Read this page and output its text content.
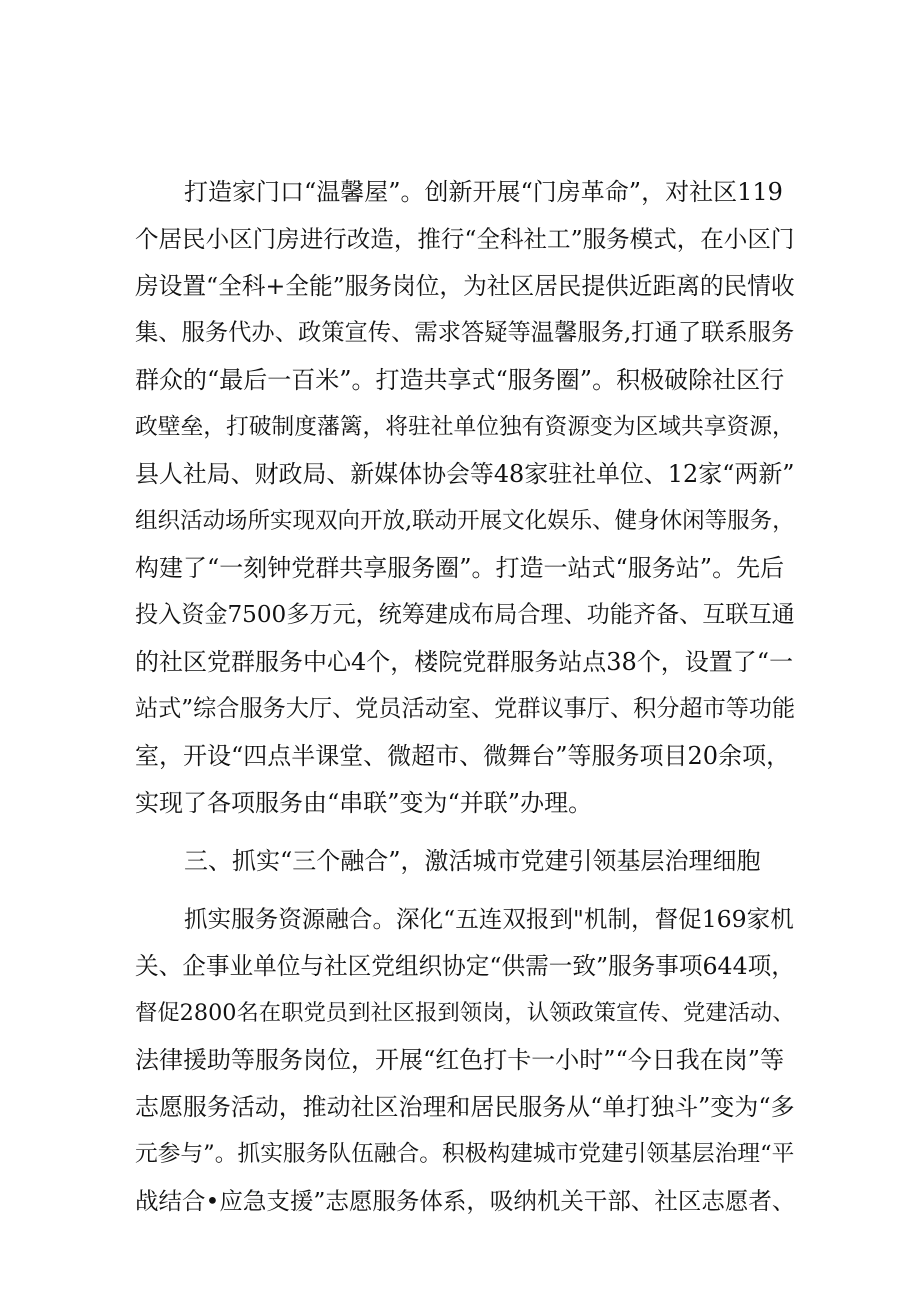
打造家门口“温馨屋”。创新开展“门房革命”，对社区119
个居民小区门房进行改造，推行“全科社工”服务模式，在小区门
房设置“全科+全能”服务岗位，为社区居民提供近距离的民情收
集、服务代办、政策宣传、需求答疑等温馨服务,打通了联系服务
群众的“最后一百米”。打造共享式“服务圈”。积极破除社区行
政壁垒，打破制度藩篱，将驻社单位独有资源变为区域共享资源，
县人社局、财政局、新媒体协会等48家驻社单位、12家“两新”
组织活动场所实现双向开放,联动开展文化娱乐、健身休闲等服务，
构建了“一刻钟党群共享服务圈”。打造一站式“服务站”。先后
投入资金7500多万元，统筹建成布局合理、功能齐备、互联互通
的社区党群服务中心4个，楼院党群服务站点38个，设置了“一
站式”综合服务大厅、党员活动室、党群议事厅、积分超市等功能
室，开设“四点半课堂、微超市、微舞台”等服务项目20余项，
实现了各项服务由“串联”变为“并联”办理。
三、抓实“三个融合”，激活城市党建引领基层治理细胞
抓实服务资源融合。深化“五连双报到"机制，督促169家机
关、企事业单位与社区党组织协定“供需一致”服务事项644项，
督促2800名在职党员到社区报到领岗，认领政策宣传、党建活动、
法律援助等服务岗位，开展“红色打卡一小时”“今日我在岗”等
志愿服务活动，推动社区治理和居民服务从“单打独斗”变为“多
元参与”。抓实服务队伍融合。积极构建城市党建引领基层治理“平
战结合•应急支援”志愿服务体系，吸纳机关干部、社区志愿者、
